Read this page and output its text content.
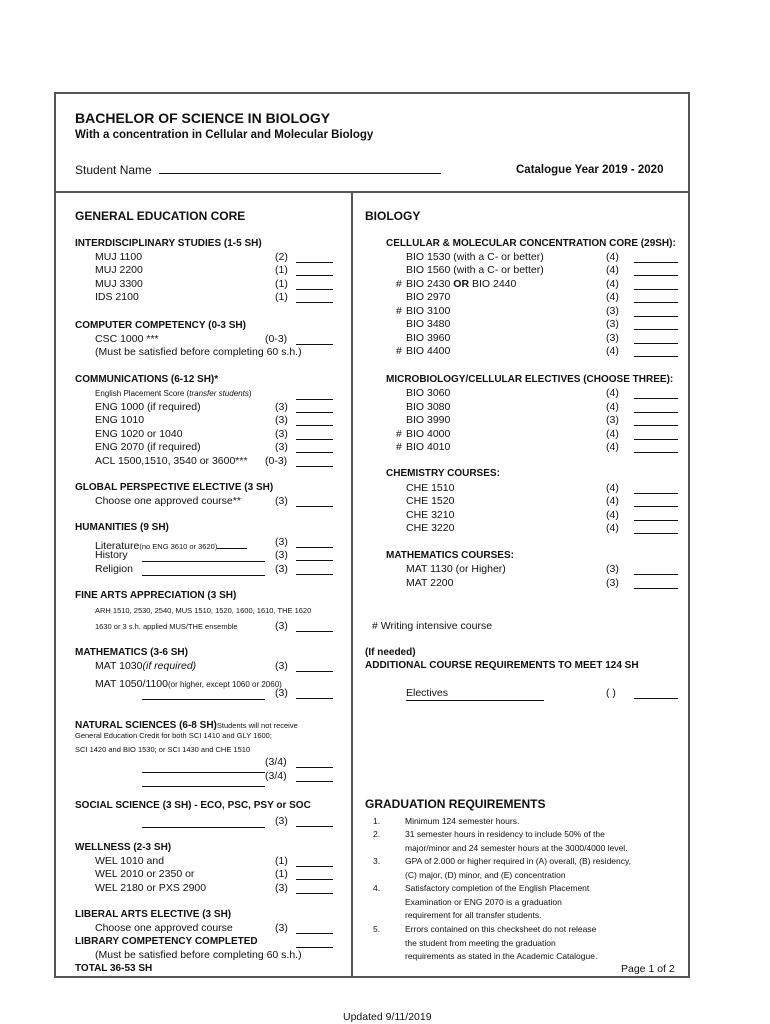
BACHELOR OF SCIENCE IN BIOLOGY
With a concentration in Cellular and Molecular Biology
Student Name	Catalogue Year 2019 - 2020
GENERAL EDUCATION CORE
INTERDISCIPLINARY STUDIES (1-5 SH)
MUJ 1100	(2)
MUJ 2200	(1)
MUJ 3300	(1)
IDS 2100	(1)
COMPUTER COMPETENCY (0-3 SH)
CSC 1000 ***	(0-3)
(Must be satisfied before completing 60 s.h.)
COMMUNICATIONS (6-12 SH)*
English Placement Score (transfer students)
ENG 1000 (if required)	(3)
ENG 1010	(3)
ENG 1020 or 1040	(3)
ENG 2070 (if required)	(3)
ACL 1500,1510, 3540 or 3600*** (0-3)
GLOBAL PERSPECTIVE ELECTIVE (3 SH)
Choose one approved course**	(3)
HUMANITIES (9 SH)
Literature(no ENG 3610 or 3620)	(3)
History	(3)
Religion	(3)
FINE ARTS APPRECIATION (3 SH)
ARH 1510, 2530, 2540, MUS 1510, 1520, 1600, 1610, THE 1620
1630 or 3 s.h. applied MUS/THE ensemble	(3)
MATHEMATICS (3-6 SH)
MAT 1030(if required)	(3)
MAT 1050/1100(or higher, except 1060 or 2060)
(3)
NATURAL SCIENCES (6-8 SH)Students will not receive
General Education Credit for both SCI 1410 and GLY 1600;
SCI 1420 and BIO 1530; or SCI 1430 and CHE 1510
(3/4)
(3/4)
SOCIAL SCIENCE (3 SH) - ECO, PSC, PSY or SOC
(3)
WELLNESS (2-3 SH)
WEL 1010 and	(1)
WEL 2010 or 2350 or	(1)
WEL 2180 or PXS 2900	(3)
LIBERAL ARTS ELECTIVE (3 SH)
Choose one approved course	(3)
LIBRARY COMPETENCY COMPLETED
(Must be satisfied before completing 60 s.h.)
TOTAL 36-53 SH
BIOLOGY
CELLULAR & MOLECULAR CONCENTRATION CORE (29SH):
BIO 1530 (with a C- or better)	(4)
BIO 1560 (with a C- or better)	(4)
# BIO 2430 OR BIO 2440	(4)
BIO 2970	(4)
# BIO 3100	(3)
BIO 3480	(3)
BIO 3960	(3)
# BIO 4400	(4)
MICROBIOLOGY/CELLULAR ELECTIVES (CHOOSE THREE):
BIO 3060	(4)
BIO 3080	(4)
BIO 3990	(3)
# BIO 4000	(4)
# BIO 4010	(4)
CHEMISTRY COURSES:
CHE 1510	(4)
CHE 1520	(4)
CHE 3210	(4)
CHE 3220	(4)
MATHEMATICS COURSES:
MAT 1130 (or Higher)	(3)
MAT 2200	(3)
# Writing intensive course
(If needed)
ADDITIONAL COURSE REQUIREMENTS TO MEET 124 SH
Electives	( )
GRADUATION REQUIREMENTS
1.	Minimum 124 semester hours.
2.	31 semester hours in residency to include 50% of the
major/minor and 24 semester hours at the 3000/4000 level.
3.	GPA of 2.000 or higher required in (A) overall, (B) residency,
(C) major, (D) minor, and (E) concentration
4.	Satisfactory completion of the English Placement
Examination or ENG 2070 is a graduation
requirement for all transfer students.
5.	Errors contained on this checksheet do not release
the student from meeting the graduation
requirements as stated in the Academic Catalogue.
Page 1 of 2
Updated 9/11/2019
